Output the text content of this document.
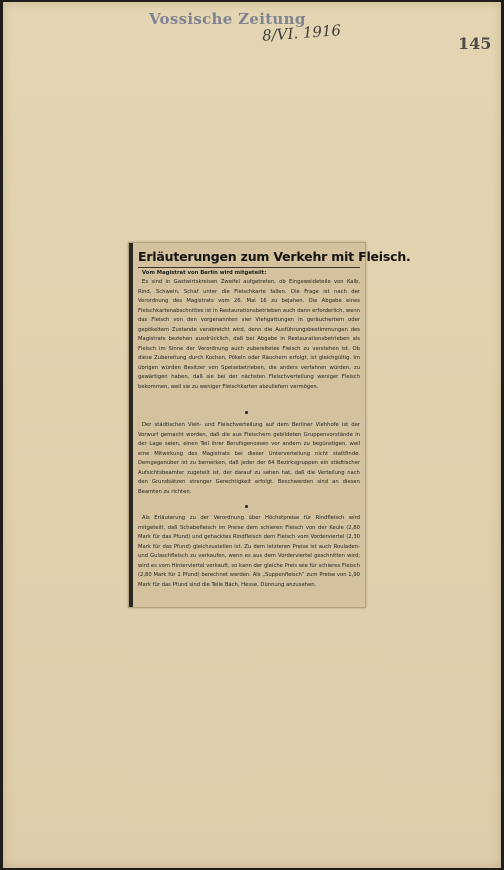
Vossische Zeitung
8/VI. 1916	145
Erläuterungen zum Verkehr mit Fleisch.
Vom Magistrat von Berlin wird mitgeteilt:

Es sind in Gastwirtskreisen Zweifel aufgetreten, ob Eingeweideteile von Kalb, Rind, Schwein, Schaf unter die Fleischkarte fallen. Die Frage ist nach der Verordnung des Magistrats vom 26. Mai 16 zu bejahen. Die Abgabe eines Fleischkartenabschnittes ist in Restaurationsbetrieben auch dann erforderlich, wenn das Fleisch von den vorgenannten vier Viehgattungen in geräuchertem oder gepökeltem Zustande verabreicht wird, denn die Ausführungsbestimmungen des Magistrats beziehen ausdrücklich, daß bei Abgabe in Restaurationsbetrieben als Fleisch im Sinne der Verordnung auch zubereitetes Fleisch zu verstehen ist. Ob diese Zubereitung durch Kochen, Pökeln oder Räuchern erfolgt, ist gleichgültig. Im übrigen würden Besitzer von Speisebetrieben, die anders verfahren würden, zu gewärtigen haben, daß sie bei der nächsten Fleischverteilung weniger Fleisch bekommen, weil sie zu weniger Fleischkarten abzuliefern vermögen.

Der städtischen Vieh- und Fleischverteilung auf dem Berliner Viehhofe ist der Vorwurf gemacht worden, daß die aus Fleischern gebildeten Gruppenvorstände in der Lage seien, einen Teil ihrer Berufsgenossen vor andern zu begünstigen, weil eine Mitwirkung des Magistrats bei dieser Unterverteilung nicht stattfinde. Demgegenüber ist zu bemerken, daß jeder der 64 Bezirksgruppen ein städtischer Aufsichtsbeamter zugeteilt ist, der darauf zu sehen hat, daß die Verteilung nach den Grundsätzen strenger Gerechtigkeit erfolgt. Beschwerden sind an diesen Beamten zu richten.

Als Erläuterung zu der Verordnung über Höchstpreise für Rindfleisch wird mitgeteilt, daß Schabefleisch im Preise dem schieren Fleisch von der Keule (2,80 Mark für das Pfund) und gehacktes Rindfleisch dem Fleisch vom Vorderviertel (2,30 Mark für das Pfund) gleichzustellen ist. Zu dem letzteren Preise ist auch Rouladen- und Gulaschfleisch zu verkaufen, wenn es aus dem Vorderviertel geschnitten wird; wird es vom Hinterviertel verkauft, so kann der gleiche Preis wie für schieres Fleisch (2,80 Mark für 1 Pfund) berechnet werden. Als „Suppenfleisch“ zum Preise von 1,90 Mark für das Pfund sind die Teile Bäch, Hesse, Dünnung anzusehen.
